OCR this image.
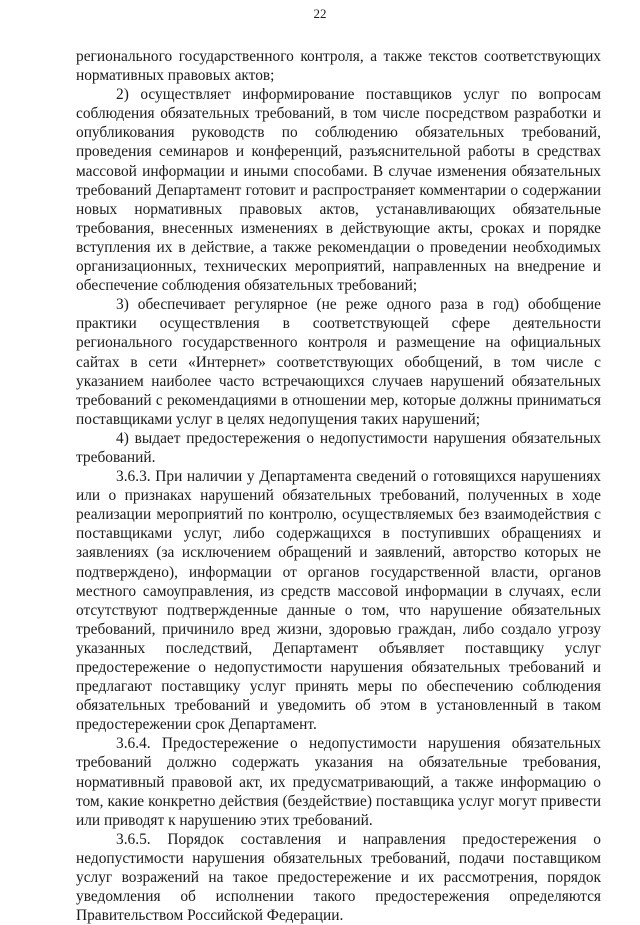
22

регионального государственного контроля, а также текстов соответствующих нормативных правовых актов;

2) осуществляет информирование поставщиков услуг по вопросам соблюдения обязательных требований, в том числе посредством разработки и опубликования руководств по соблюдению обязательных требований, проведения семинаров и конференций, разъяснительной работы в средствах массовой информации и иными способами. В случае изменения обязательных требований Департамент готовит и распространяет комментарии о содержании новых нормативных правовых актов, устанавливающих обязательные требования, внесенных изменениях в действующие акты, сроках и порядке вступления их в действие, а также рекомендации о проведении необходимых организационных, технических мероприятий, направленных на внедрение и обеспечение соблюдения обязательных требований;

3) обеспечивает регулярное (не реже одного раза в год) обобщение практики осуществления в соответствующей сфере деятельности регионального государственного контроля и размещение на официальных сайтах в сети «Интернет» соответствующих обобщений, в том числе с указанием наиболее часто встречающихся случаев нарушений обязательных требований с рекомендациями в отношении мер, которые должны приниматься поставщиками услуг в целях недопущения таких нарушений;

4) выдает предостережения о недопустимости нарушения обязательных требований.

3.6.3. При наличии у Департамента сведений о готовящихся нарушениях или о признаках нарушений обязательных требований, полученных в ходе реализации мероприятий по контролю, осуществляемых без взаимодействия с поставщиками услуг, либо содержащихся в поступивших обращениях и заявлениях (за исключением обращений и заявлений, авторство которых не подтверждено), информации от органов государственной власти, органов местного самоуправления, из средств массовой информации в случаях, если отсутствуют подтвержденные данные о том, что нарушение обязательных требований, причинило вред жизни, здоровью граждан, либо создало угрозу указанных последствий, Департамент объявляет поставщику услуг предостережение о недопустимости нарушения обязательных требований и предлагают поставщику услуг принять меры по обеспечению соблюдения обязательных требований и уведомить об этом в установленный в таком предостережении срок Департамент.

3.6.4. Предостережение о недопустимости нарушения обязательных требований должно содержать указания на обязательные требования, нормативный правовой акт, их предусматривающий, а также информацию о том, какие конкретно действия (бездействие) поставщика услуг могут привести или приводят к нарушению этих требований.

3.6.5. Порядок составления и направления предостережения о недопустимости нарушения обязательных требований, подачи поставщиком услуг возражений на такое предостережение и их рассмотрения, порядок уведомления об исполнении такого предостережения определяются Правительством Российской Федерации.
